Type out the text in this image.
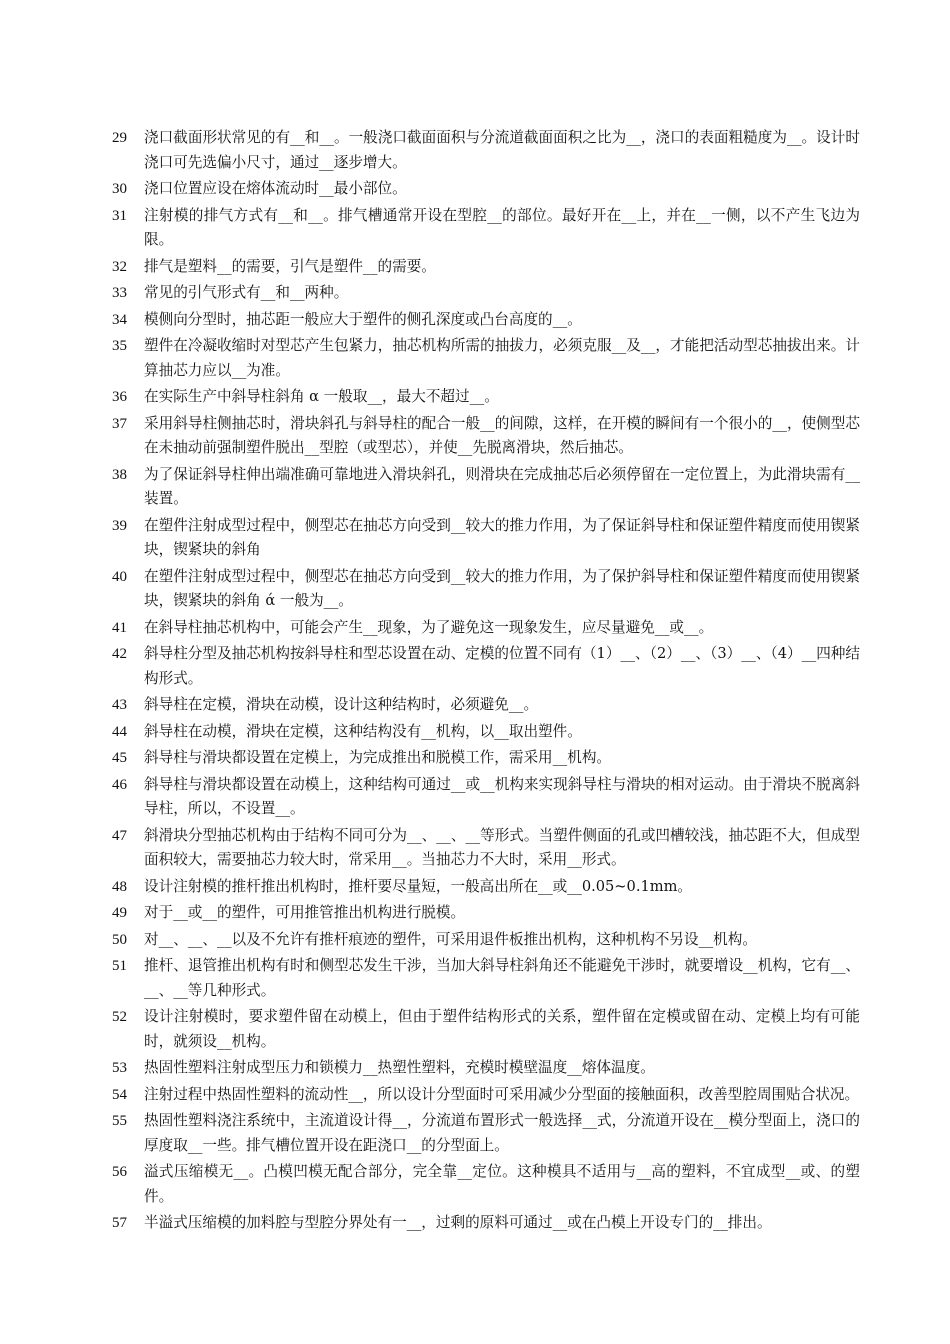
29	浇口截面形状常见的有__和__。一般浇口截面面积与分流道截面面积之比为__，浇口的表面粗糙度为__。设计时浇口可先选偏小尺寸，通过__逐步增大。
30	浇口位置应设在熔体流动时__最小部位。
31	注射模的排气方式有__和__。排气槽通常开设在型腔__的部位。最好开在__上，并在__一侧，以不产生飞边为限。
32	排气是塑料__的需要，引气是塑件__的需要。
33	常见的引气形式有__和__两种。
34	模侧向分型时，抽芯距一般应大于塑件的侧孔深度或凸台高度的__。
35	塑件在冷凝收缩时对型芯产生包紧力，抽芯机构所需的抽拔力，必须克服__及__，才能把活动型芯抽拔出来。计算抽芯力应以__为准。
36	在实际生产中斜导柱斜角 α 一般取__，最大不超过__。
37	采用斜导柱侧抽芯时，滑块斜孔与斜导柱的配合一般__的间隙，这样，在开模的瞬间有一个很小的__，使侧型芯在未抽动前强制塑件脱出__型腔（或型芯），并使__先脱离滑块，然后抽芯。
38	为了保证斜导柱伸出端准确可靠地进入滑块斜孔，则滑块在完成抽芯后必须停留在一定位置上，为此滑块需有__装置。
39	在塑件注射成型过程中，侧型芯在抽芯方向受到__较大的推力作用，为了保证斜导柱和保证塑件精度而使用锲紧块，锲紧块的斜角
40	在塑件注射成型过程中，侧型芯在抽芯方向受到__较大的推力作用，为了保护斜导柱和保证塑件精度而使用锲紧块，锲紧块的斜角 ά 一般为__。
41	在斜导柱抽芯机构中，可能会产生__现象，为了避免这一现象发生，应尽量避免__或__。
42	斜导柱分型及抽芯机构按斜导柱和型芯设置在动、定模的位置不同有（1）__、（2）__、（3）__、（4）__四种结构形式。
43	斜导柱在定模，滑块在动模，设计这种结构时，必须避免__。
44	斜导柱在动模，滑块在定模，这种结构没有__机构，以__取出塑件。
45	斜导柱与滑块都设置在定模上，为完成推出和脱模工作，需采用__机构。
46	斜导柱与滑块都设置在动模上，这种结构可通过__或__机构来实现斜导柱与滑块的相对运动。由于滑块不脱离斜导柱，所以，不设置__。
47	斜滑块分型抽芯机构由于结构不同可分为__、__、__等形式。当塑件侧面的孔或凹槽较浅，抽芯距不大，但成型面积较大，需要抽芯力较大时，常采用__。当抽芯力不大时，采用__形式。
48	设计注射模的推杆推出机构时，推杆要尽量短，一般高出所在__或__0.05~0.1mm。
49	对于__或__的塑件，可用推管推出机构进行脱模。
50	对__、__、__以及不允许有推杆痕迹的塑件，可采用退件板推出机构，这种机构不另设__机构。
51	推杆、退管推出机构有时和侧型芯发生干涉，当加大斜导柱斜角还不能避免干涉时，就要增设__机构，它有__、__、__等几种形式。
52	设计注射模时，要求塑件留在动模上，但由于塑件结构形式的关系，塑件留在定模或留在动、定模上均有可能时，就须设__机构。
53	热固性塑料注射成型压力和锁模力__热塑性塑料，充模时模壁温度__熔体温度。
54	注射过程中热固性塑料的流动性__，所以设计分型面时可采用减少分型面的接触面积，改善型腔周围贴合状况。
55	热固性塑料浇注系统中，主流道设计得__，分流道布置形式一般选择__式，分流道开设在__模分型面上，浇口的厚度取__一些。排气槽位置开设在距浇口__的分型面上。
56	溢式压缩模无__。凸模凹模无配合部分，完全靠__定位。这种模具不适用与__高的塑料，不宜成型__或、的塑件。
57	半溢式压缩模的加料腔与型腔分界处有一__，过剩的原料可通过__或在凸模上开设专门的__排出。
